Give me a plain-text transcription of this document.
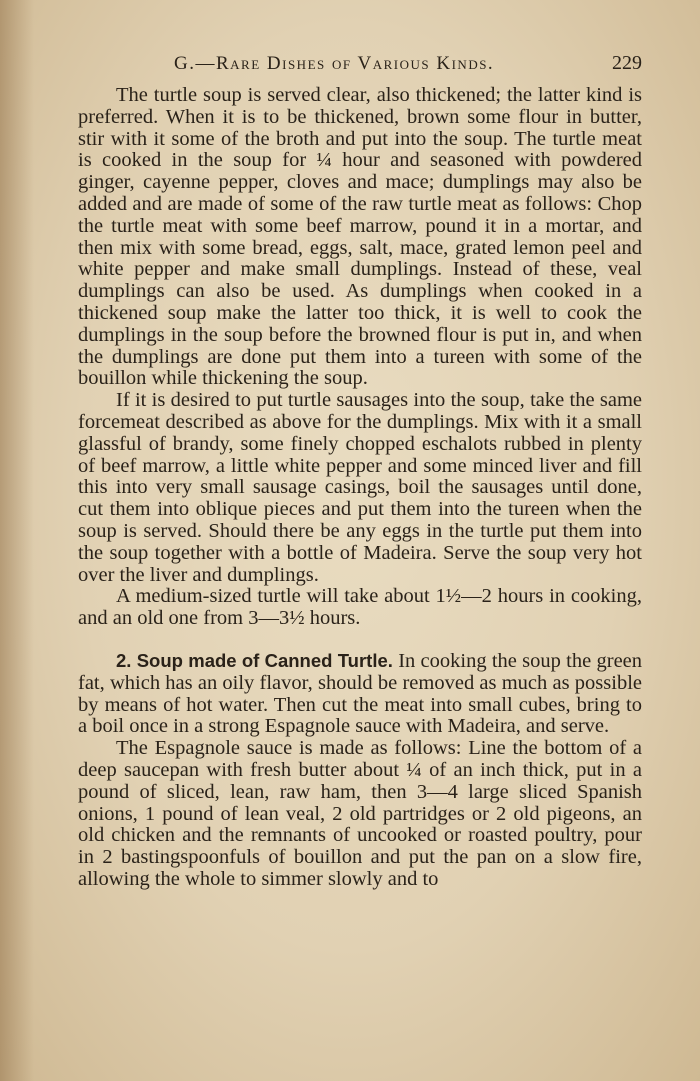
G.—Rare Dishes of Various Kinds.	229

The turtle soup is served clear, also thickened; the latter kind is preferred. When it is to be thickened, brown some flour in butter, stir with it some of the broth and put into the soup. The turtle meat is cooked in the soup for ¼ hour and seasoned with powdered ginger, cayenne pepper, cloves and mace; dumplings may also be added and are made of some of the raw turtle meat as follows: Chop the turtle meat with some beef marrow, pound it in a mortar, and then mix with some bread, eggs, salt, mace, grated lemon peel and white pepper and make small dumplings. Instead of these, veal dumplings can also be used. As dumplings when cooked in a thickened soup make the latter too thick, it is well to cook the dumplings in the soup before the browned flour is put in, and when the dumplings are done put them into a tureen with some of the bouillon while thickening the soup.

If it is desired to put turtle sausages into the soup, take the same forcemeat described as above for the dumplings. Mix with it a small glassful of brandy, some finely chopped eschalots rubbed in plenty of beef marrow, a little white pepper and some minced liver and fill this into very small sausage casings, boil the sausages until done, cut them into oblique pieces and put them into the tureen when the soup is served. Should there be any eggs in the turtle put them into the soup together with a bottle of Madeira. Serve the soup very hot over the liver and dumplings.

A medium-sized turtle will take about 1½—2 hours in cooking, and an old one from 3—3½ hours.

2. Soup made of Canned Turtle. In cooking the soup the green fat, which has an oily flavor, should be removed as much as possible by means of hot water. Then cut the meat into small cubes, bring to a boil once in a strong Espagnole sauce with Madeira, and serve.

The Espagnole sauce is made as follows: Line the bottom of a deep saucepan with fresh butter about ¼ of an inch thick, put in a pound of sliced, lean, raw ham, then 3—4 large sliced Spanish onions, 1 pound of lean veal, 2 old partridges or 2 old pigeons, an old chicken and the remnants of uncooked or roasted poultry, pour in 2 bastingspoonfuls of bouillon and put the pan on a slow fire, allowing the whole to simmer slowly and to
